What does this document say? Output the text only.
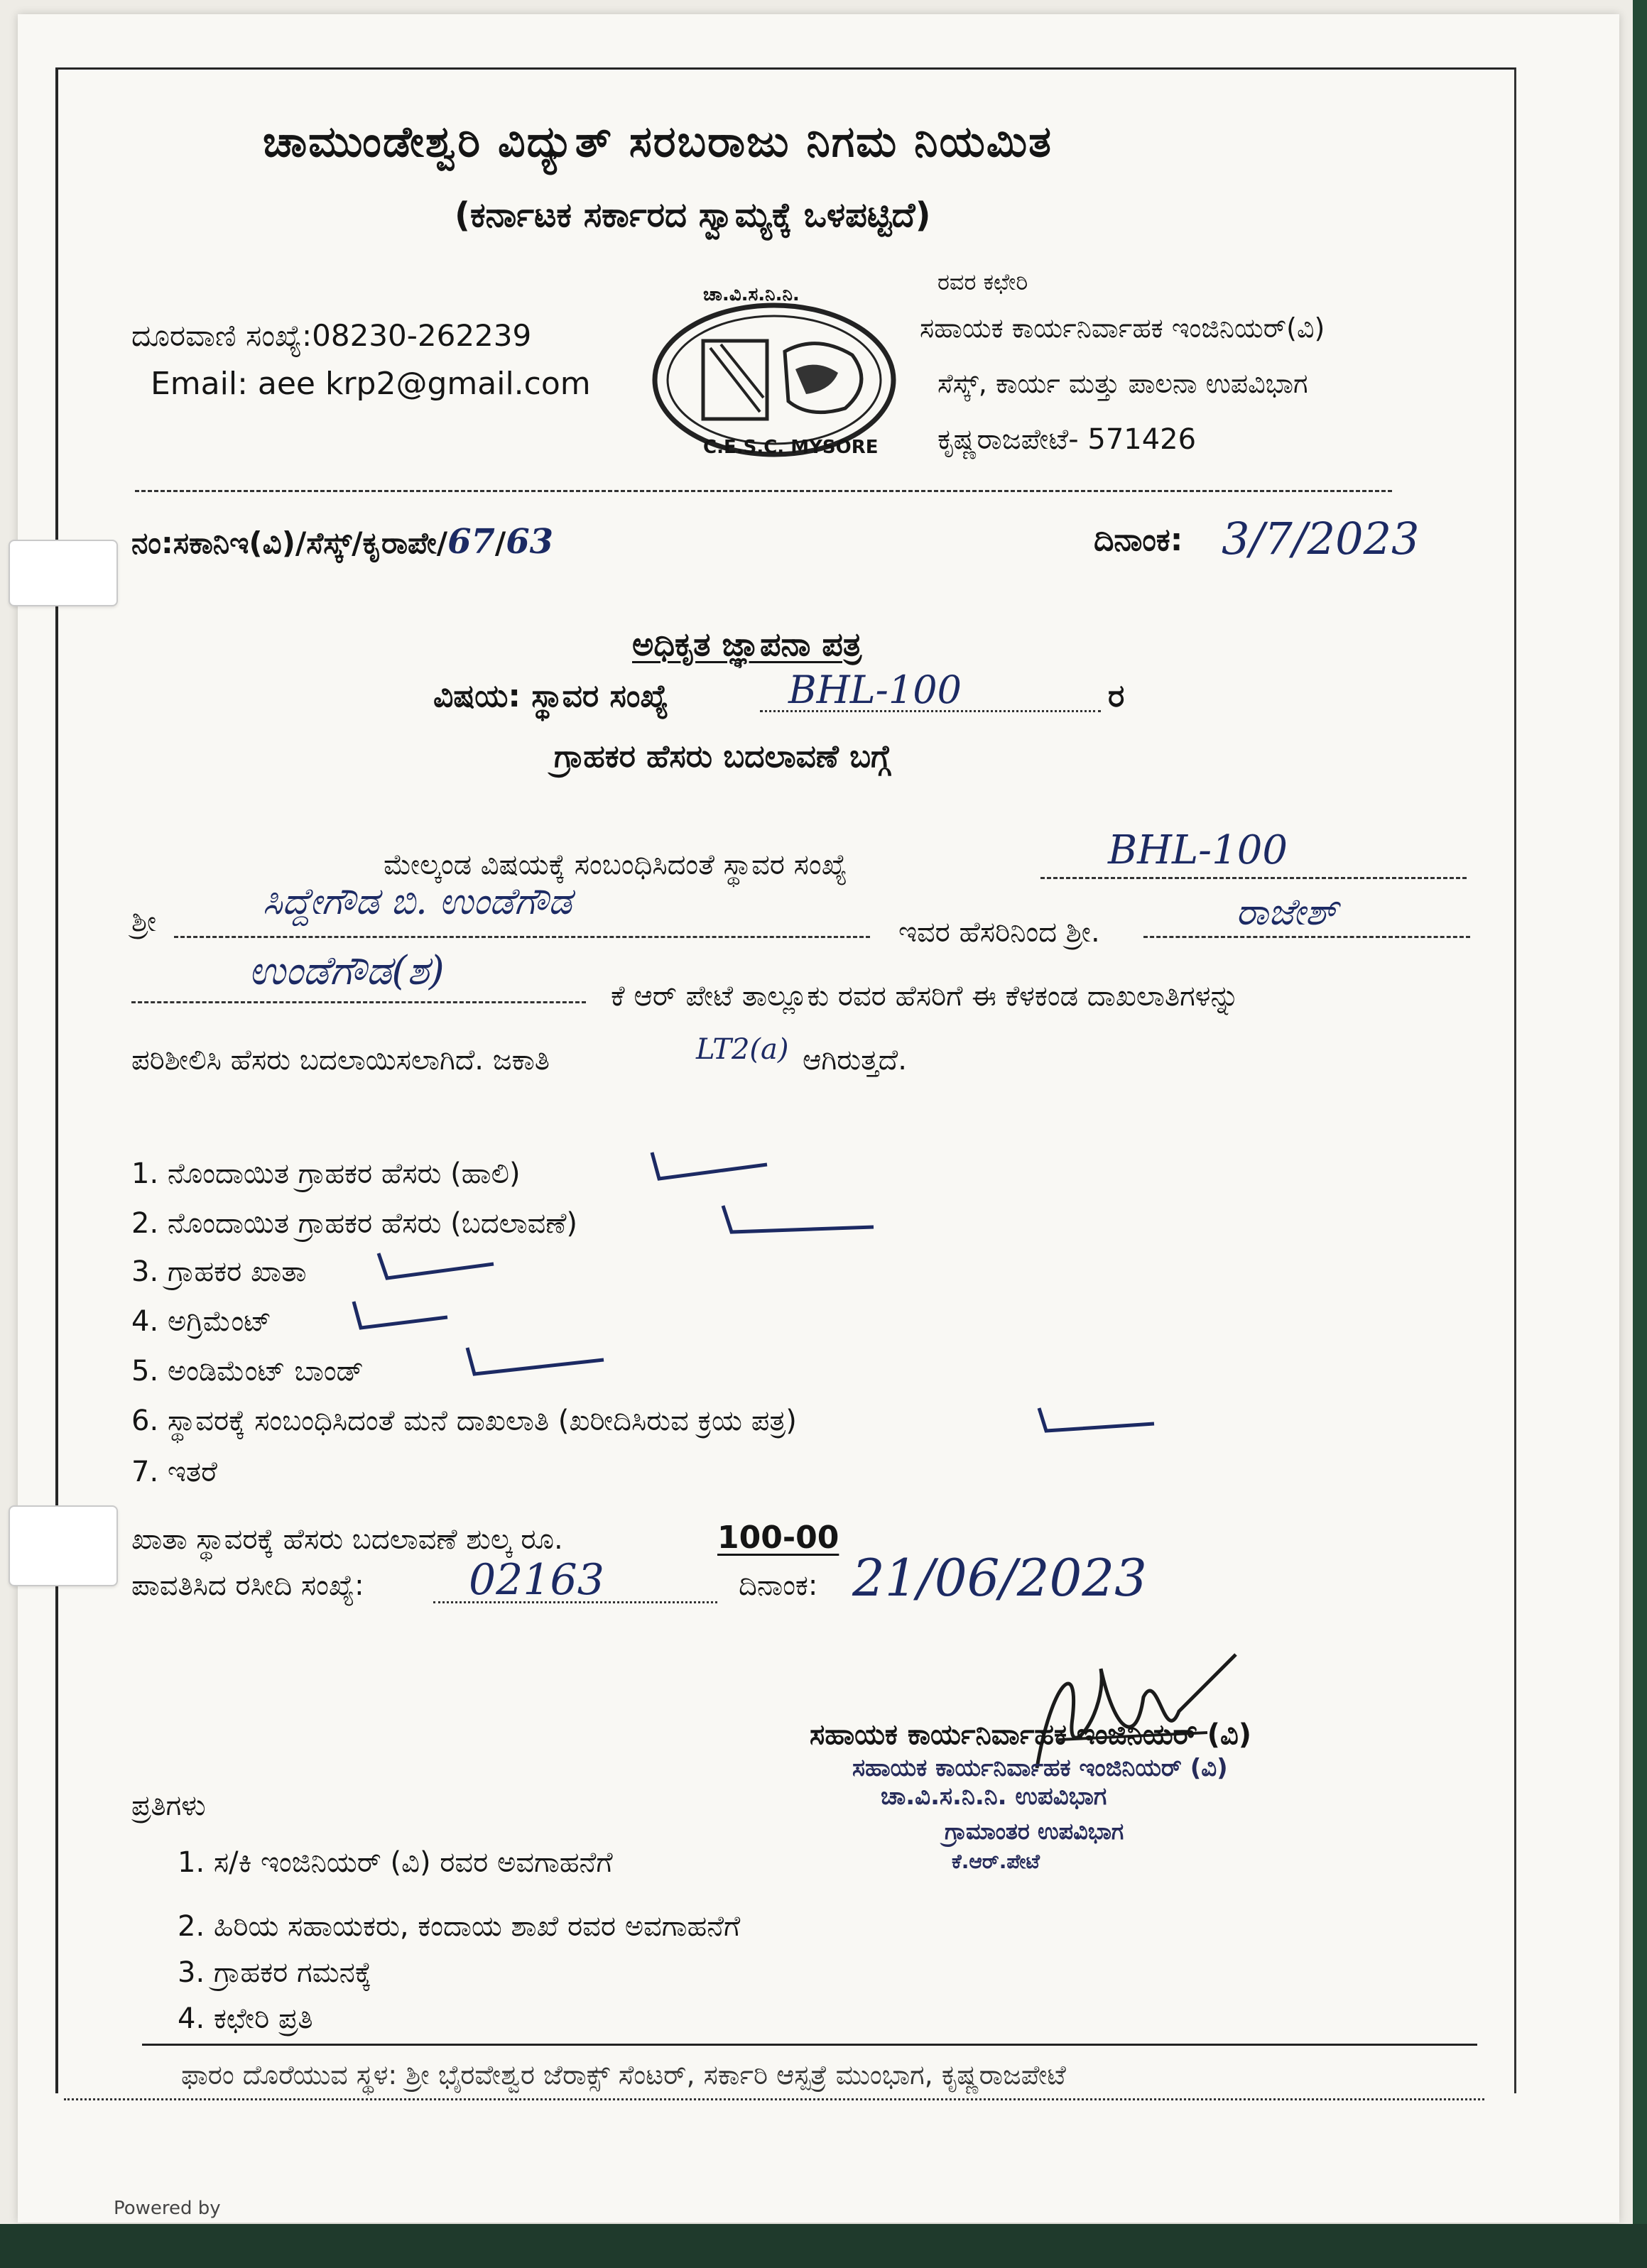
ಚಾಮುಂಡೇಶ್ವರಿ ವಿದ್ಯುತ್ ಸರಬರಾಜು ನಿಗಮ ನಿಯಮಿತ
(ಕರ್ನಾಟಕ ಸರ್ಕಾರದ ಸ್ವಾಮ್ಯಕ್ಕೆ ಒಳಪಟ್ಟಿದೆ)
ದೂರವಾಣಿ ಸಂಖ್ಯೆ:08230-262239
Email: aee krp2@gmail.com
ಚಾ.ವಿ.ಸ.ನಿ.ನಿ.
C.E.S.C. MYSORE
ರವರ ಕಛೇರಿ
ಸಹಾಯಕ ಕಾರ್ಯನಿರ್ವಾಹಕ ಇಂಜಿನಿಯರ್(ವಿ)
ಸೆಸ್ಕ್, ಕಾರ್ಯ ಮತ್ತು ಪಾಲನಾ ಉಪವಿಭಾಗ
ಕೃಷ್ಣರಾಜಪೇಟೆ- 571426
ನಂ:ಸಕಾನಿಇ(ವಿ)/ಸೆಸ್ಕ್/ಕೃರಾಪೇ/67/63	ದಿನಾಂಕ: 3/7/2023
ಅಧಿಕೃತ ಜ್ಞಾಪನಾ ಪತ್ರ
ವಿಷಯ: ಸ್ಥಾವರ ಸಂಖ್ಯೆ	BHL-100	ರ
ಗ್ರಾಹಕರ ಹೆಸರು ಬದಲಾವಣೆ ಬಗ್ಗೆ
ಮೇಲ್ಕಂಡ ವಿಷಯಕ್ಕೆ ಸಂಬಂಧಿಸಿದಂತೆ ಸ್ಥಾವರ ಸಂಖ್ಯೆ	BHL-100
ಶ್ರೀ	ಸಿದ್ದೇಗೌಡ ಬಿ. ಉಂಡೆಗೌಡ
ಇವರ ಹೆಸರಿನಿಂದ ಶ್ರೀ.	ರಾಜೇಶ್
ಉಂಡೆಗೌಡ(ಶ)
ಕೆ ಆರ್ ಪೇಟೆ ತಾಲ್ಲೂಕು ರವರ ಹೆಸರಿಗೆ ಈ ಕೆಳಕಂಡ ದಾಖಲಾತಿಗಳನ್ನು
ಪರಿಶೀಲಿಸಿ ಹೆಸರು ಬದಲಾಯಿಸಲಾಗಿದೆ. ಜಕಾತಿ	LT2(a) ಆಗಿರುತ್ತದೆ.
1. ನೊಂದಾಯಿತ ಗ್ರಾಹಕರ ಹೆಸರು (ಹಾಲಿ)
2. ನೊಂದಾಯಿತ ಗ್ರಾಹಕರ ಹೆಸರು (ಬದಲಾವಣೆ)
3. ಗ್ರಾಹಕರ ಖಾತಾ
4. ಅಗ್ರಿಮೆಂಟ್
5. ಅಂಡಿಮೆಂಟ್ ಬಾಂಡ್
6. ಸ್ಥಾವರಕ್ಕೆ ಸಂಬಂಧಿಸಿದಂತೆ ಮನೆ ದಾಖಲಾತಿ (ಖರೀದಿಸಿರುವ ಕ್ರಯ ಪತ್ರ)
7. ಇತರೆ
ಖಾತಾ ಸ್ಥಾವರಕ್ಕೆ ಹೆಸರು ಬದಲಾವಣೆ ಶುಲ್ಕ ರೂ.	100-00
ಪಾವತಿಸಿದ ರಸೀದಿ ಸಂಖ್ಯೆ: 02163	ದಿನಾಂಕ: 21/06/2023
ಸಹಾಯಕ ಕಾರ್ಯನಿರ್ವಾಹಕ ಇಂಜಿನಿಯರ್ (ವಿ)
ಸಹಾಯಕ ಕಾರ್ಯನಿರ್ವಾಹಕ ಇಂಜಿನಿಯರ್ (ವಿ)
ಚಾ.ವಿ.ಸ.ನಿ.ನಿ. ಉಪವಿಭಾಗ
ಗ್ರಾಮಾಂತರ ಉಪವಿಭಾಗ
ಕೆ.ಆರ್.ಪೇಟೆ
ಪ್ರತಿಗಳು
1. ಸ/ಕಿ ಇಂಜಿನಿಯರ್ (ವಿ) ರವರ ಅವಗಾಹನೆಗೆ
2. ಹಿರಿಯ ಸಹಾಯಕರು, ಕಂದಾಯ ಶಾಖೆ ರವರ ಅವಗಾಹನೆಗೆ
3. ಗ್ರಾಹಕರ ಗಮನಕ್ಕೆ
4. ಕಛೇರಿ ಪ್ರತಿ
ಫಾರಂ ದೊರೆಯುವ ಸ್ಥಳ: ಶ್ರೀ ಭೈರವೇಶ್ವರ ಜೆರಾಕ್ಸ್ ಸೆಂಟರ್, ಸರ್ಕಾರಿ ಆಸ್ಪತ್ರೆ ಮುಂಭಾಗ, ಕೃಷ್ಣರಾಜಪೇಟೆ
Powered by
